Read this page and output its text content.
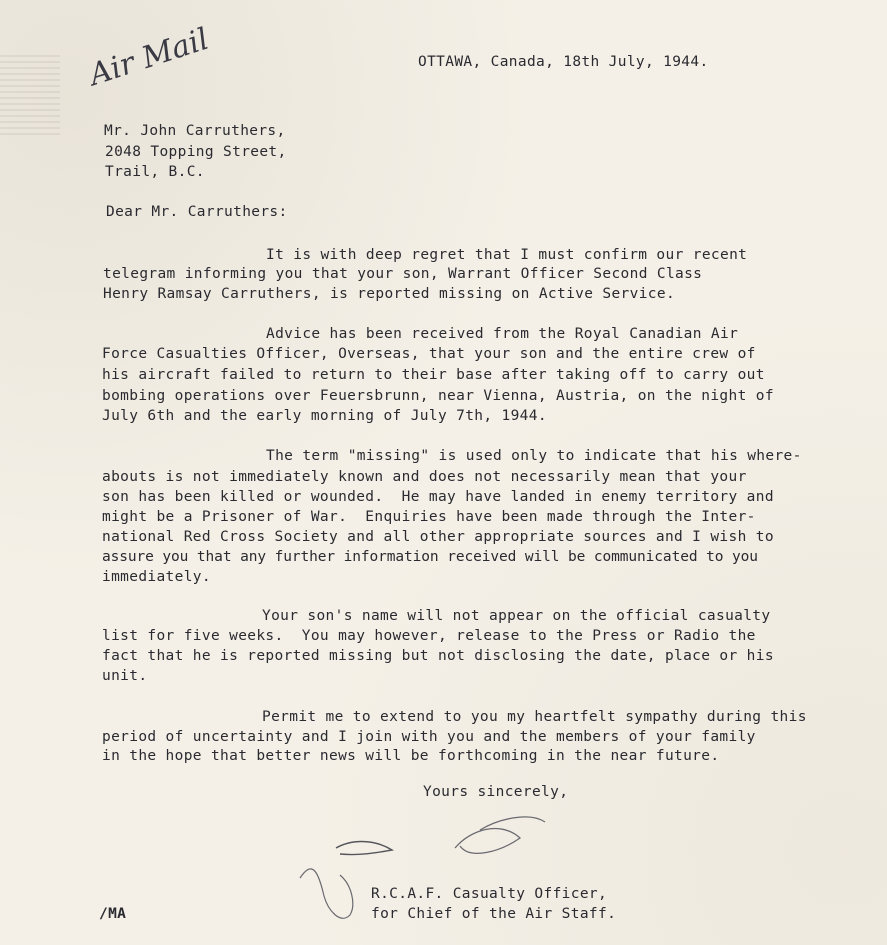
Air Mail	OTTAWA, Canada, 18th July, 1944.

Mr. John Carruthers,

2048 Topping Street,

Trail, B.C.

Dear Mr. Carruthers:

It is with deep regret that I must confirm our recent

telegram informing you that your son, Warrant Officer Second Class

Henry Ramsay Carruthers, is reported missing on Active Service.

Advice has been received from the Royal Canadian Air

Force Casualties Officer, Overseas, that your son and the entire crew of

his aircraft failed to return to their base after taking off to carry out

bombing operations over Feuersbrunn, near Vienna, Austria, on the night of

July 6th and the early morning of July 7th, 1944.

The term "missing" is used only to indicate that his where-

abouts is not immediately known and does not necessarily mean that your

son has been killed or wounded.  He may have landed in enemy territory and

might be a Prisoner of War.  Enquiries have been made through the Inter-

national Red Cross Society and all other appropriate sources and I wish to

assure you that any further information received will be communicated to you

immediately.

Your son's name will not appear on the official casualty

list for five weeks.  You may however, release to the Press or Radio the

fact that he is reported missing but not disclosing the date, place or his

unit.

Permit me to extend to you my heartfelt sympathy during this

period of uncertainty and I join with you and the members of your family

in the hope that better news will be forthcoming in the near future.

Yours sincerely,

R.C.A.F. Casualty Officer,

for Chief of the Air Staff.

/MA
